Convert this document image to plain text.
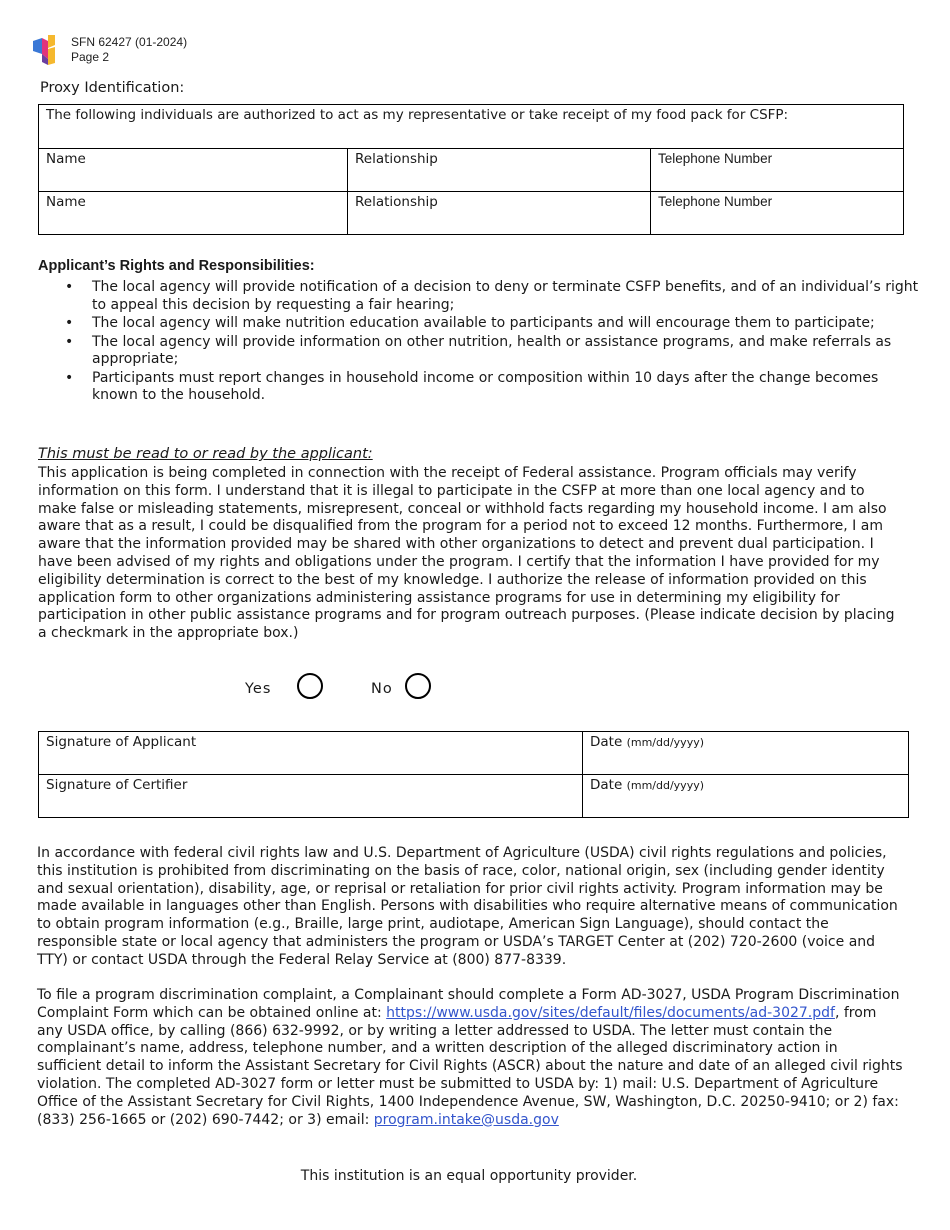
SFN 62427 (01-2024)
Page 2
Proxy Identification:
The following individuals are authorized to act as my representative or take receipt of my food pack for CSFP:		
Name	Relationship	Telephone Number
Name	Relationship	Telephone Number
Applicant’s Rights and Responsibilities:
• The local agency will provide notification of a decision to deny or terminate CSFP benefits, and of an individual’s right to appeal this decision by requesting a fair hearing;
• The local agency will make nutrition education available to participants and will encourage them to participate;
• The local agency will provide information on other nutrition, health or assistance programs, and make referrals as appropriate;
• Participants must report changes in household income or composition within 10 days after the change becomes known to the household.
This must be read to or read by the applicant:
This application is being completed in connection with the receipt of Federal assistance. Program officials may verify information on this form. I understand that it is illegal to participate in the CSFP at more than one local agency and to make false or misleading statements, misrepresent, conceal or withhold facts regarding my household income. I am also aware that as a result, I could be disqualified from the program for a period not to exceed 12 months. Furthermore, I am aware that the information provided may be shared with other organizations to detect and prevent dual participation. I have been advised of my rights and obligations under the program. I certify that the information I have provided for my eligibility determination is correct to the best of my knowledge. I authorize the release of information provided on this application form to other organizations administering assistance programs for use in determining my eligibility for participation in other public assistance programs and for program outreach purposes. (Please indicate decision by placing a checkmark in the appropriate box.)
Yes	No
Signature of Applicant	Date (mm/dd/yyyy)
Signature of Certifier	Date (mm/dd/yyyy)
In accordance with federal civil rights law and U.S. Department of Agriculture (USDA) civil rights regulations and policies, this institution is prohibited from discriminating on the basis of race, color, national origin, sex (including gender identity and sexual orientation), disability, age, or reprisal or retaliation for prior civil rights activity. Program information may be made available in languages other than English. Persons with disabilities who require alternative means of communication to obtain program information (e.g., Braille, large print, audiotape, American Sign Language), should contact the responsible state or local agency that administers the program or USDA’s TARGET Center at (202) 720-2600 (voice and TTY) or contact USDA through the Federal Relay Service at (800) 877-8339.
To file a program discrimination complaint, a Complainant should complete a Form AD-3027, USDA Program Discrimination Complaint Form which can be obtained online at: https://www.usda.gov/sites/default/files/documents/ad-3027.pdf, from any USDA office, by calling (866) 632-9992, or by writing a letter addressed to USDA. The letter must contain the complainant’s name, address, telephone number, and a written description of the alleged discriminatory action in sufficient detail to inform the Assistant Secretary for Civil Rights (ASCR) about the nature and date of an alleged civil rights violation. The completed AD-3027 form or letter must be submitted to USDA by: 1) mail: U.S. Department of Agriculture Office of the Assistant Secretary for Civil Rights, 1400 Independence Avenue, SW, Washington, D.C. 20250-9410; or 2) fax: (833) 256-1665 or (202) 690-7442; or 3) email: program.intake@usda.gov
This institution is an equal opportunity provider.
